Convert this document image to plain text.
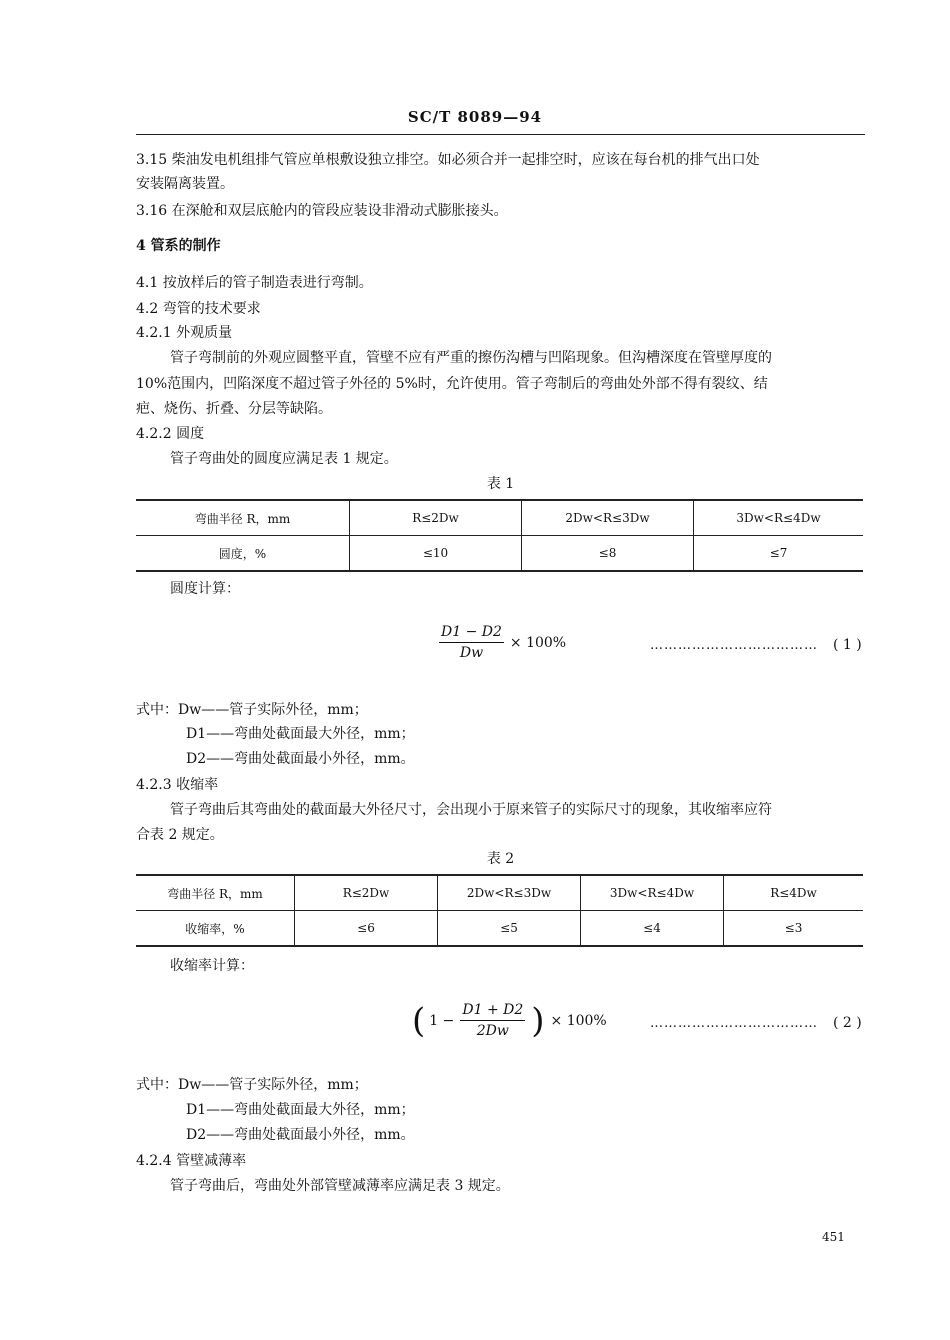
SC/T 8089—94
3.15 柴油发电机组排气管应单根敷设独立排空。如必须合并一起排空时，应该在每台机的排气出口处
安装隔离装置。
3.16 在深舱和双层底舱内的管段应装设非滑动式膨胀接头。
4 管系的制作
4.1 按放样后的管子制造表进行弯制。
4.2 弯管的技术要求
4.2.1 外观质量
管子弯制前的外观应圆整平直，管壁不应有严重的擦伤沟槽与凹陷现象。但沟槽深度在管壁厚度的
10%范围内，凹陷深度不超过管子外径的 5%时，允许使用。管子弯制后的弯曲处外部不得有裂纹、结
疤、烧伤、折叠、分层等缺陷。
4.2.2 圆度
管子弯曲处的圆度应满足表 1 规定。
表 1
弯曲半径 R，mm	R≤2Dw	2Dw<R≤3Dw	3Dw<R≤4Dw
圆度，%	≤10	≤8	≤7
圆度计算：
$\frac{D1 - D2}{Dw} \times 100\%$	……………………………… ( 1 )
式中：Dw——管子实际外径，mm；
D1——弯曲处截面最大外径，mm；
D2——弯曲处截面最小外径，mm。
4.2.3 收缩率
管子弯曲后其弯曲处的截面最大外径尺寸，会出现小于原来管子的实际尺寸的现象，其收缩率应符
合表 2 规定。
表 2
弯曲半径 R，mm	R≤2Dw	2Dw<R≤3Dw	3Dw<R≤4Dw	R≤4Dw
收缩率，%	≤6	≤5	≤4	≤3
收缩率计算：
( $1 - \frac{D1 + D2}{2Dw}$ ) × 100%	……………………………… ( 2 )
式中：Dw——管子实际外径，mm；
D1——弯曲处截面最大外径，mm；
D2——弯曲处截面最小外径，mm。
4.2.4 管壁减薄率
管子弯曲后，弯曲处外部管壁减薄率应满足表 3 规定。
451
